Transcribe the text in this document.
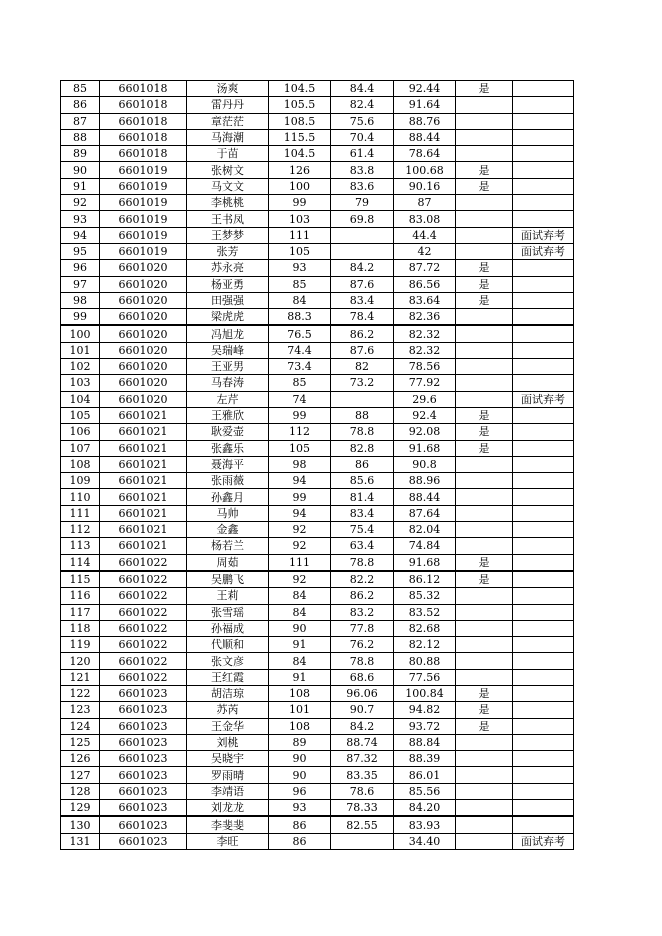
85	6601018	汤爽	104.5	84.4	92.44	是	
86	6601018	雷丹丹	105.5	82.4	91.64		
87	6601018	章茫茫	108.5	75.6	88.76		
88	6601018	马海潮	115.5	70.4	88.44		
89	6601018	于苗	104.5	61.4	78.64		
90	6601019	张树文	126	83.8	100.68	是	
91	6601019	马文文	100	83.6	90.16	是	
92	6601019	李桃桃	99	79	87		
93	6601019	王书凤	103	69.8	83.08		
94	6601019	王梦梦	111		44.4		面试弃考
95	6601019	张芳	105		42		面试弃考
96	6601020	苏永亮	93	84.2	87.72	是	
97	6601020	杨亚勇	85	87.6	86.56	是	
98	6601020	田强强	84	83.4	83.64	是	
99	6601020	梁虎虎	88.3	78.4	82.36		
100	6601020	冯旭龙	76.5	86.2	82.32		
101	6601020	吴瑞峰	74.4	87.6	82.32		
102	6601020	王亚男	73.4	82	78.56		
103	6601020	马春涛	85	73.2	77.92		
104	6601020	左芹	74		29.6		面试弃考
105	6601021	王雅欣	99	88	92.4	是	
106	6601021	耿爱壶	112	78.8	92.08	是	
107	6601021	张鑫乐	105	82.8	91.68	是	
108	6601021	聂海平	98	86	90.8		
109	6601021	张雨薇	94	85.6	88.96		
110	6601021	孙鑫月	99	81.4	88.44		
111	6601021	马帅	94	83.4	87.64		
112	6601021	金鑫	92	75.4	82.04		
113	6601021	杨若兰	92	63.4	74.84		
114	6601022	周茹	111	78.8	91.68	是	
115	6601022	吴鹏飞	92	82.2	86.12	是	
116	6601022	王莉	84	86.2	85.32		
117	6601022	张雪瑶	84	83.2	83.52		
118	6601022	孙福成	90	77.8	82.68		
119	6601022	代顺和	91	76.2	82.12		
120	6601022	张文彦	84	78.8	80.88		
121	6601022	王红霞	91	68.6	77.56		
122	6601023	胡洁琼	108	96.06	100.84	是	
123	6601023	苏芮	101	90.7	94.82	是	
124	6601023	王金华	108	84.2	93.72	是	
125	6601023	刘桃	89	88.74	88.84		
126	6601023	吴晓宇	90	87.32	88.39		
127	6601023	罗雨晴	90	83.35	86.01		
128	6601023	李靖语	96	78.6	85.56		
129	6601023	刘龙龙	93	78.33	84.20		
130	6601023	李斐斐	86	82.55	83.93		
131	6601023	李旺	86		34.40		面试弃考
